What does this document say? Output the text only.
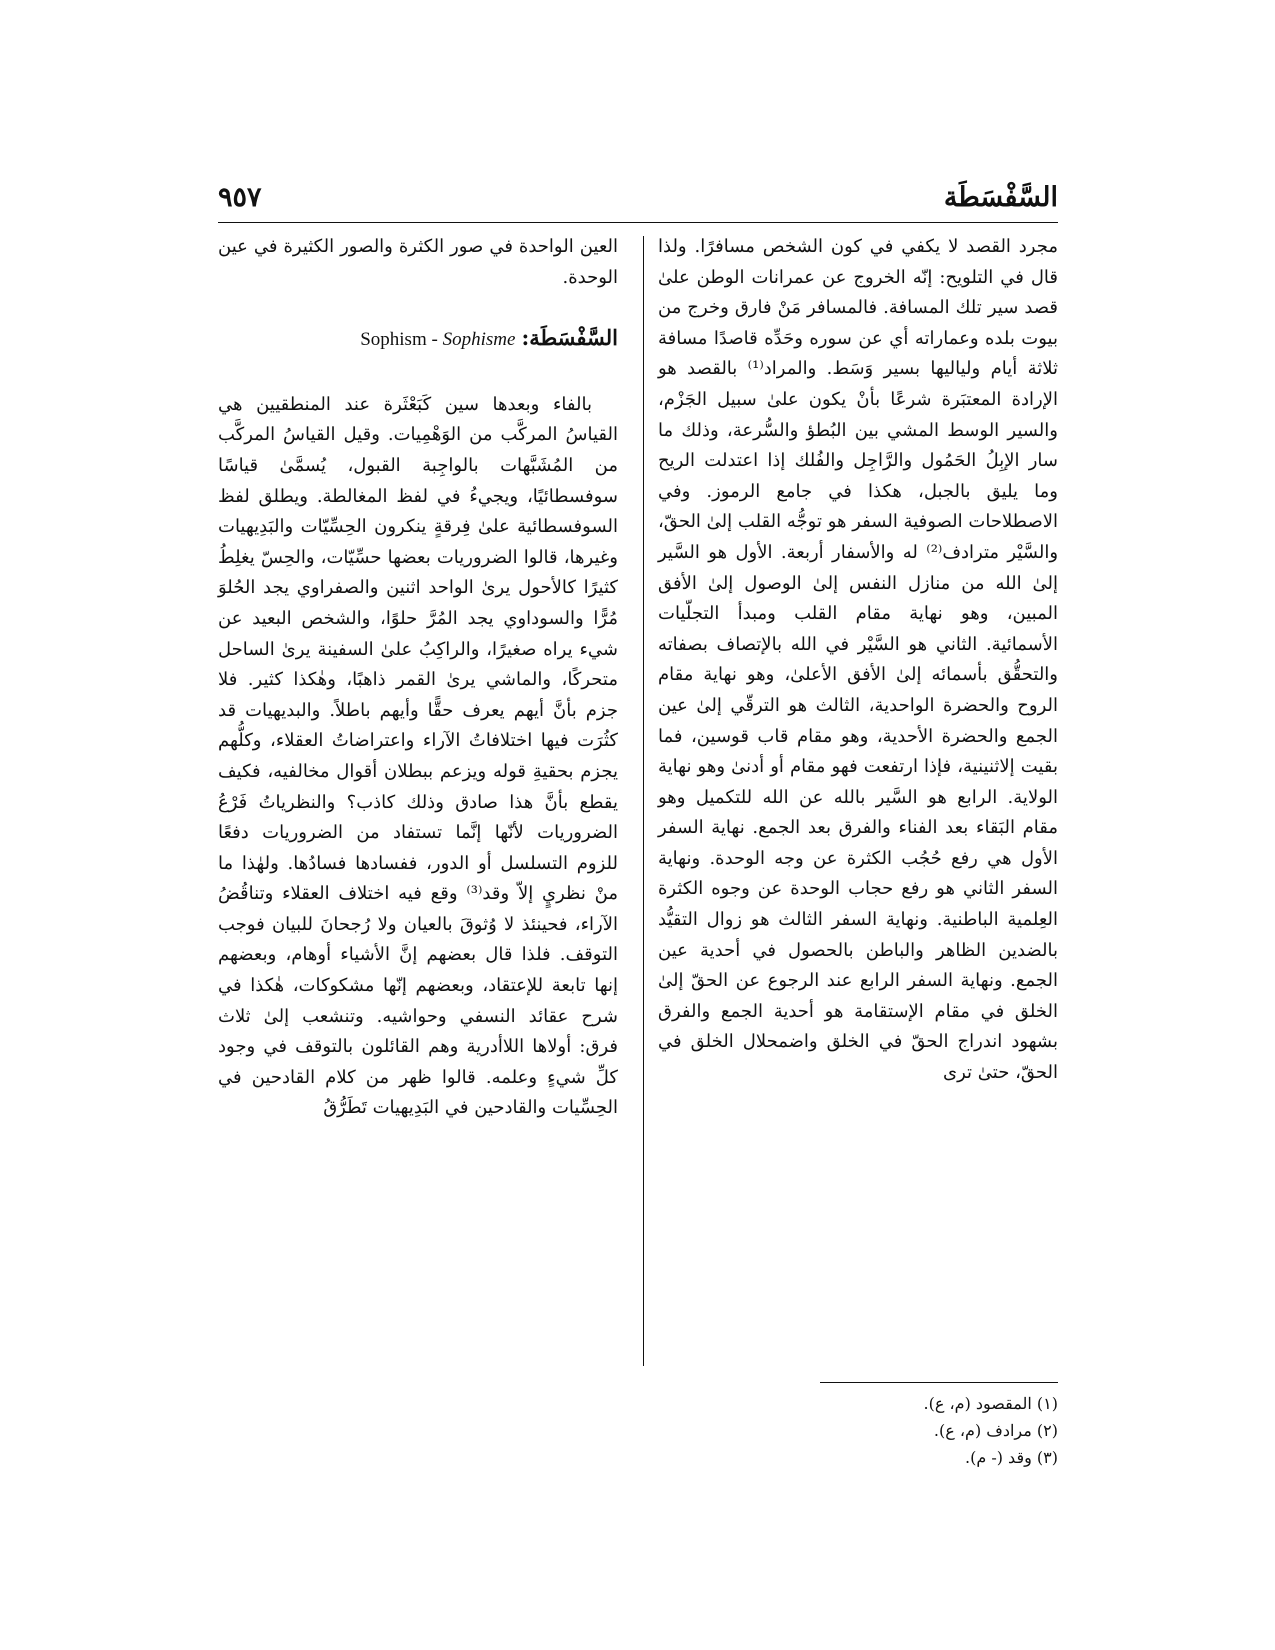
السَّفْسَطَة
٩٥٧

مجرد القصد لا يكفي في كون الشخص مسافرًا. ولذا قال في التلويح: إنّه الخروج عن عمرانات الوطن علىٰ قصد سير تلك المسافة. فالمسافر مَنْ فارق وخرج من بيوت بلده وعماراته أي عن سوره وحَدِّه قاصدًا مسافة ثلاثة أيام ولياليها بسير وَسَط. والمراد⁽¹⁾ بالقصد هو الإرادة المعتبَرة شرعًا بأنْ يكون علىٰ سبيل الجَزْم، والسير الوسط المشي بين البُطؤ والسُّرعة، وذلك ما سار الإبِلُ الحَمُول والرَّاجِل والفُلك إذا اعتدلت الريح وما يليق بالجبل، هكذا في جامع الرموز. وفي الاصطلاحات الصوفية السفر هو توجُّه القلب إلىٰ الحقّ، والسَّيْر مترادف⁽²⁾ له والأسفار أربعة. الأول هو السَّير إلىٰ الله من منازل النفس إلىٰ الوصول إلىٰ الأفق المبين، وهو نهاية مقام القلب ومبدأ التجلّيات الأسمائية. الثاني هو السَّيْر في الله بالإتصاف بصفاته والتحقُّق بأسمائه إلىٰ الأفق الأعلىٰ، وهو نهاية مقام الروح والحضرة الواحدية، الثالث هو الترقّي إلىٰ عين الجمع والحضرة الأحدية، وهو مقام قاب قوسين، فما بقيت إلاثنينية، فإذا ارتفعت فهو مقام أو أدنىٰ وهو نهاية الولاية. الرابع هو السَّير بالله عن الله للتكميل وهو مقام البَقاء بعد الفناء والفرق بعد الجمع. نهاية السفر الأول هي رفع حُجُب الكثرة عن وجه الوحدة. ونهاية السفر الثاني هو رفع حجاب الوحدة عن وجوه الكثرة العِلمية الباطنية. ونهاية السفر الثالث هو زوال التقيُّد بالضدين الظاهر والباطن بالحصول في أحدية عين الجمع. ونهاية السفر الرابع عند الرجوع عن الحقّ إلىٰ الخلق في مقام الإستقامة هو أحدية الجمع والفرق بشهود اندراج الحقّ في الخلق واضمحلال الخلق في الحقّ، حتىٰ ترى

العين الواحدة في صور الكثرة والصور الكثيرة في عين الوحدة.

السَّفْسَطَة: Sophism - Sophisme

بالفاء وبعدها سين كَبَعْثَرة عند المنطقيين هي القياسُ المركَّب من الوَهْمِيات. وقيل القياسُ المركَّب من المُشَبَّهات بالواجِبة القبول، يُسمَّىٰ قياسًا سوفسطائيًا، ويجيءُ في لفظ المغالطة. ويطلق لفظ السوفسطائية علىٰ فِرقةٍ ينكرون الحِسِّيّات والبَدِيهيات وغيرها، قالوا الضروريات بعضها حسِّيّات، والحِسّ يغلِطُ كثيرًا كالأحول يرىٰ الواحد اثنين والصفراوي يجد الحُلوَ مُرًّا والسوداوي يجد المُرَّ حلوًا، والشخص البعيد عن شيء يراه صغيرًا، والراكِبُ علىٰ السفينة يرىٰ الساحل متحركًا، والماشي يرىٰ القمر ذاهبًا، وهٰكذا كثير. فلا جزم بأنَّ أيهم يعرف حقًّا وأيهم باطلاً. والبديهيات قد كثُرَت فيها اختلافاتُ الآراء واعتراضاتُ العقلاء، وكلُّهم يجزم بحقيةِ قوله ويزعم ببطلان أقوال مخالفيه، فكيف يقطع بأنَّ هذا صادق وذلك كاذب؟ والنظرياتُ فَرْعُ الضروريات لأنّها إنَّما تستفاد من الضروريات دفعًا للزوم التسلسل أو الدور، ففسادها فسادُها. ولهٰذا ما منْ نظريٍ إلاّ وقد⁽³⁾ وقع فيه اختلاف العقلاء وتناقُضُ الآراء، فحينئذ لا وُثوقَ بالعيان ولا رُجحانَ للبيان فوجب التوقف. فلذا قال بعضهم إنَّ الأشياء أوهام، وبعضهم إنها تابعة للإعتقاد، وبعضهم إنّها مشكوكات، هٰكذا في شرح عقائد النسفي وحواشيه. وتنشعب إلىٰ ثلاث فرق: أولاها اللاأدرية وهم القائلون بالتوقف في وجود كلِّ شيءٍ وعلمه. قالوا ظهر من كلام القادحين في الحِسِّيات والقادحين في البَدِيهيات تَطَرُّقُ

(١) المقصود (م، ع).
(٢) مرادف (م، ع).
(٣) وقد (- م).
